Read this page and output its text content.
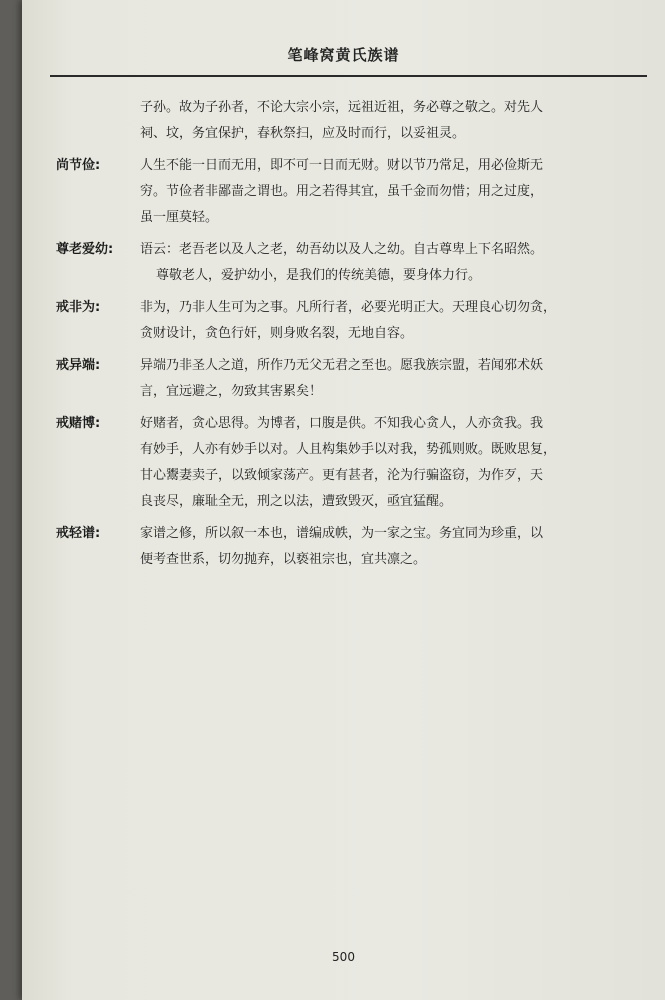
笔峰窝黄氏族谱
子孙。故为子孙者，不论大宗小宗，远祖近祖，务必尊之敬之。对先人
祠、坟，务宜保护，春秋祭扫，应及时而行，以妥祖灵。
尚节俭:	人生不能一日而无用，即不可一日而无财。财以节乃常足，用必俭斯无
穷。节俭者非鄙啬之谓也。用之若得其宜，虽千金而勿惜；用之过度，
虽一厘莫轻。
尊老爱幼: 语云：老吾老以及人之老，幼吾幼以及人之幼。自古尊卑上下名昭然。
尊敬老人，爱护幼小，是我们的传统美德，要身体力行。
戒非为:	非为，乃非人生可为之事。凡所行者，必要光明正大。天理良心切勿贪，
贪财设计，贪色行奸，则身败名裂，无地自容。
戒异端:	异端乃非圣人之道，所作乃无父无君之至也。愿我族宗盟，若闻邪术妖
言，宜远避之，勿致其害累矣！
戒赌博:	好赌者，贪心思得。为博者，口腹是供。不知我心贪人，人亦贪我。我
有妙手，人亦有妙手以对。人且构集妙手以对我，势孤则败。既败思复，
甘心鬻妻卖子，以致倾家荡产。更有甚者，沦为行骗盗窃，为作歹，天
良丧尽，廉耻全无，刑之以法，遭致毁灭，亟宜猛醒。
戒轻谱:	家谱之修，所以叙一本也，谱编成帙，为一家之宝。务宜同为珍重，以
便考查世系，切勿抛弃，以亵祖宗也，宜共凛之。
500
